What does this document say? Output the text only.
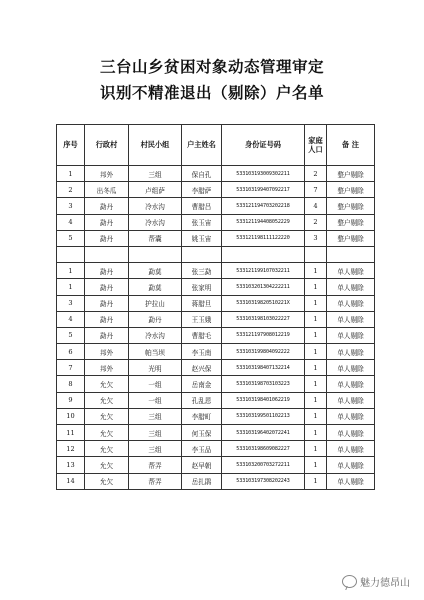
三台山乡贫困对象动态管理审定
识别不精准退出（剔除）户名单
序号	行政村	村民小组	户主姓名	身份证号码	家庭人口	备 注
1	邦外	三组	保自孔	533103193009302211	2	整户剔除
2	出冬瓜	卢组萨	李腊萨	533103199407092217	7	整户剔除
3	勐丹	冷水沟	曹腊吕	533121194703202218	4	整户剔除
4	勐丹	冷水沟	张玉宙	533121194408052229	2	整户剔除
5	勐丹	帮囊	姚玉宙	533121198111122220	3	整户剔除

1	勐丹	勐莫	张三勐	533121199107032211	1	单人剔除
1	勐丹	勐莫	张家明	533103201304222211	1	单人剔除
3	勐丹	护拉山	蒋腊旦	53310319820510221X	1	单人剔除
4	勐丹	勐丹	王玉娥	533103198103022227	1	单人剔除
5	勐丹	冷水沟	曹腊毛	533121197908012219	1	单人剔除
6	邦外	帕当坝	李玉南	533103199804092222	1	单人剔除
7	邦外	光明	赵兴保	533103198407132214	1	单人剔除
8	允欠	一组	岳南金	533103198703103223	1	单人剔除
9	允欠	一组	孔乱恩	533103198401062219	1	单人剔除
10	允欠	三组	李腊町	533103199501102213	1	单人剔除
11	允欠	三组	何玉保	533103196402072241	1	单人剔除
12	允欠	三组	李玉品	533103198609082227	1	单人剔除
13	允欠	帮弄	赵早朝	533103200703272211	1	单人剔除
14	允欠	帮弄	岳扎鹃	533103197308202243	1	单人剔除
魅力德昂山
